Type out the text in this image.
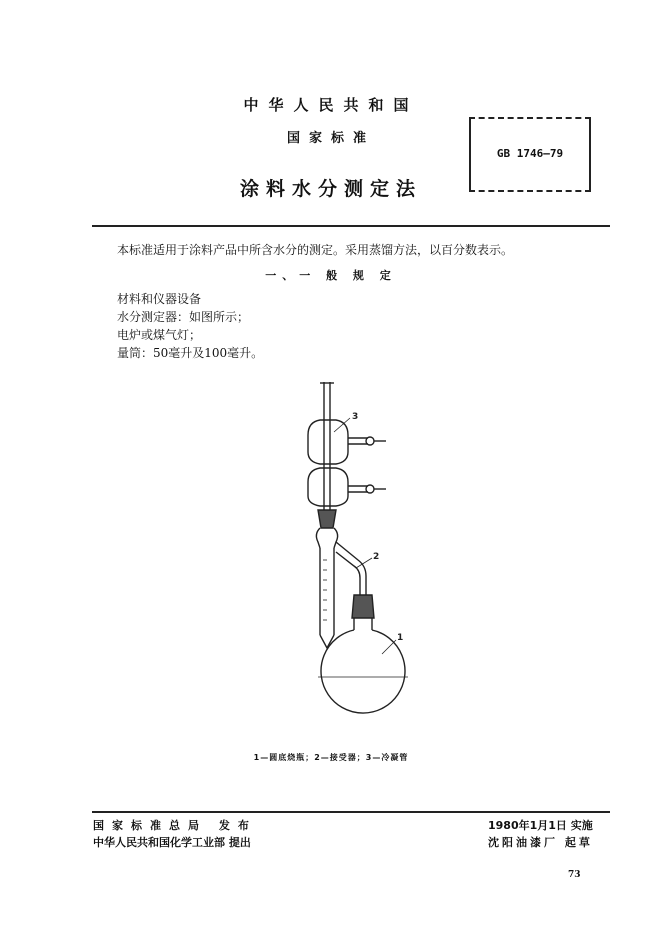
中华人民共和国
国家标准
涂料水分测定法
GB 1746—79
本标准适用于涂料产品中所含水分的测定。采用蒸馏方法，以百分数表示。
一、一 般 规 定
材料和仪器设备
水分测定器：如图所示；
电炉或煤气灯；
量筒：50毫升及100毫升。
3
2
1
1—圆底烧瓶；2—接受器；3—冷凝管
国家标准总局 发布
中华人民共和国化学工业部 提出
1980年1月1日 实施
沈阳油漆厂 起草
73
